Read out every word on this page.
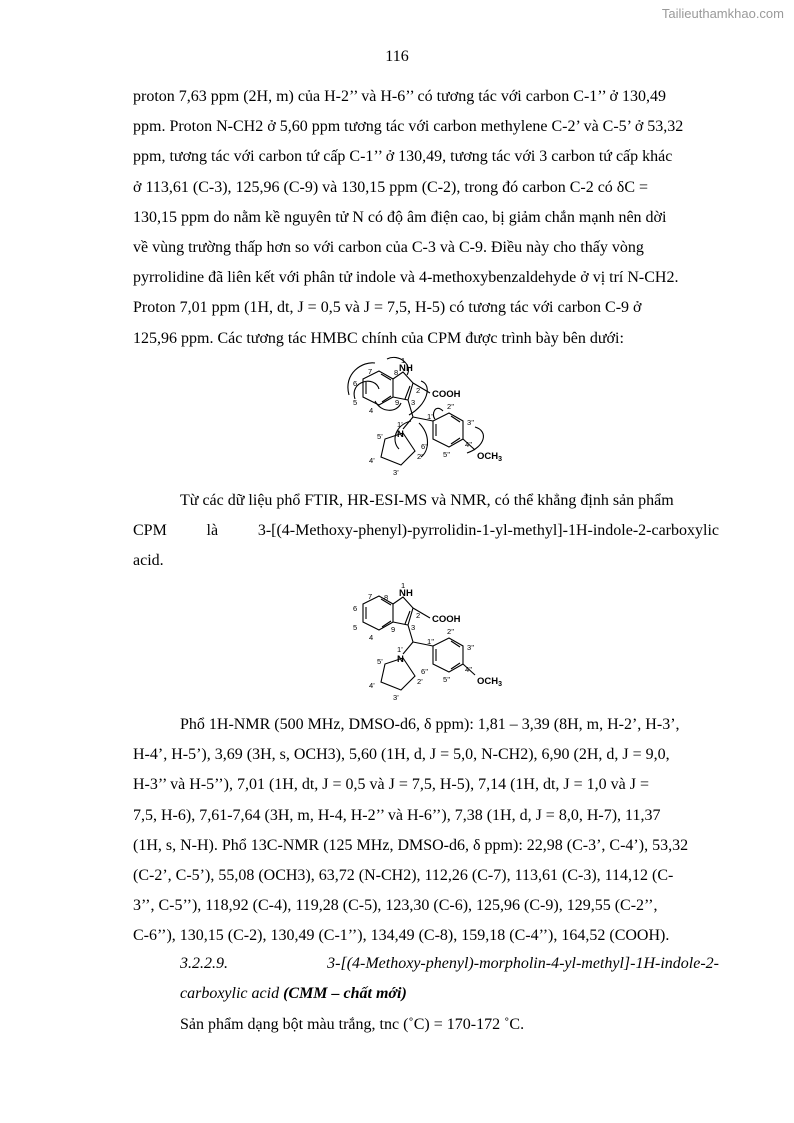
Tailieuthamkhao.com
116
proton 7,63 ppm (2H, m) của H-2’’ và H-6’’ có tương tác với carbon C-1’’ ở 130,49
ppm. Proton N-CH2 ở 5,60 ppm tương tác với carbon methylene C-2’ và C-5’ ở 53,32
ppm, tương tác với carbon tứ cấp C-1’’ ở 130,49, tương tác với 3 carbon tứ cấp khác
ở 113,61 (C-3), 125,96 (C-9) và 130,15 ppm (C-2), trong đó carbon C-2 có δC =
130,15 ppm do nằm kề nguyên tử N có độ âm điện cao, bị giảm chắn mạnh nên dời
về vùng trường thấp hơn so với carbon của C-3 và C-9. Điều này cho thấy vòng
pyrrolidine đã liên kết với phân tử indole và 4-methoxybenzaldehyde ở vị trí N-CH2.
Proton 7,01 ppm (1H, dt, J = 0,5 và J = 7,5, H-5) có tương tác với carbon C-9 ở
125,96 ppm. Các tương tác HMBC chính của CPM được trình bày bên dưới:
1
N H
2 COOH
3
7
6
5
4
8
9
N
1’
2’
3’
4’
5’
1’’
2’’
3’’
4’’
5’’
6’’
$OCH_3$
Từ các dữ liệu phổ FTIR, HR-ESI-MS và NMR, có thể khẳng định sản phẩm
CPM là 3-[(4-Methoxy-phenyl)-pyrrolidin-1-yl-methyl]-1H-indole-2-carboxylic
acid.
1
N H
2 COOH
3
7
6
5
4
8
9
N
1’
2’
3’
4’
5’
1’’
2’’
3’’
4’’
5’’
6’’
$OCH_3$
Phổ 1H-NMR (500 MHz, DMSO-d6, δ ppm): 1,81 – 3,39 (8H, m, H-2’, H-3’,
H-4’, H-5’), 3,69 (3H, s, OCH3), 5,60 (1H, d, J = 5,0, N-CH2), 6,90 (2H, d, J = 9,0,
H-3’’ và H-5’’), 7,01 (1H, dt, J = 0,5 và J = 7,5, H-5), 7,14 (1H, dt, J = 1,0 và J =
7,5, H-6), 7,61-7,64 (3H, m, H-4, H-2’’ và H-6’’), 7,38 (1H, d, J = 8,0, H-7), 11,37
(1H, s, N-H). Phổ 13C-NMR (125 MHz, DMSO-d6, δ ppm): 22,98 (C-3’, C-4’), 53,32
(C-2’, C-5’), 55,08 (OCH3), 63,72 (N-CH2), 112,26 (C-7), 113,61 (C-3), 114,12 (C-
3’’, C-5’’), 118,92 (C-4), 119,28 (C-5), 123,30 (C-6), 125,96 (C-9), 129,55 (C-2’’,
C-6’’), 130,15 (C-2), 130,49 (C-1’’), 134,49 (C-8), 159,18 (C-4’’), 164,52 (COOH).
3.2.2.9.	3-[(4-Methoxy-phenyl)-morpholin-4-yl-methyl]-1H-indole-2-
carboxylic acid (CMM – chất mới)
Sản phẩm dạng bột màu trắng, tnc (˚C) = 170-172 ˚C.
